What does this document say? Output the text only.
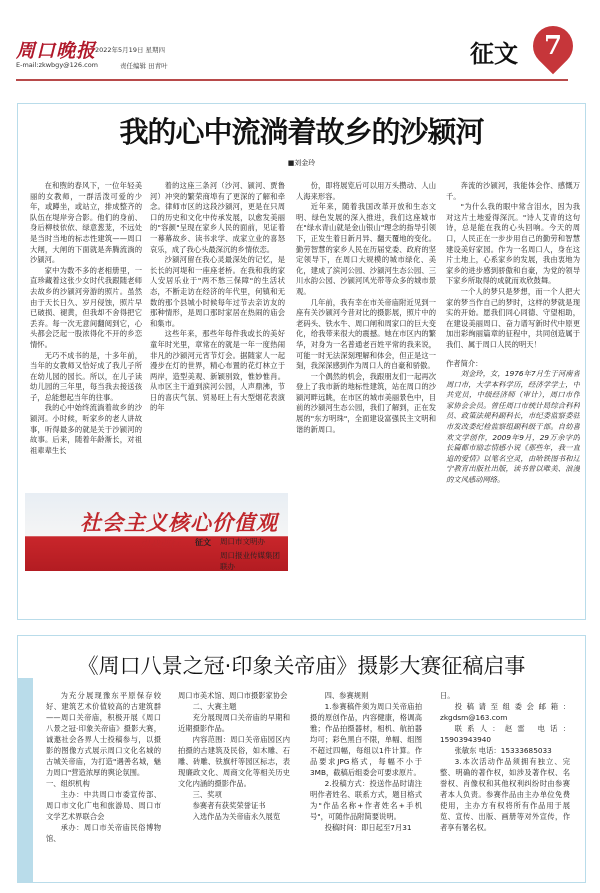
周口晚报
E-mail:zkwbgy@126.com
2022年5月19日 星期四
责任编辑 田青叶	征文 7
我的心中流淌着故乡的沙颍河
■刘金玲

在和煦的春风下，一位年轻美丽的女教师，一群活泼可爱的少年，或蹲坐，或站立，排成整齐的队伍在堤岸旁合影。他们的身前、身后柳枝依依、绿意葱茏，不远处是当时当地的标志性建筑——周口大闸，大闸的下面就是奔腾流淌的沙颍河。

家中为数不多的老相册里，一直珍藏着这张少女时代我跟随老师去故乡的沙颍河旁游的照片。虽然由于天长日久、岁月侵蚀，照片早已破损、褪黄，但我却不舍得把它丢弃。每一次无意间翻阅到它，心头都会泛起一股浓得化不开的乡恋情怀。

无巧不成书的是，十多年前，当年的女教师又恰好成了我儿子所在幼儿园的园长。所以，在儿子读幼儿园的三年里，每当我去接送孩子，总能想起当年的往事。

我的心中始终流淌着故乡的沙颍河。小时候，听家乡的老人讲故事，听得最多的就是关于沙颍河的故事。后来，随着年龄渐长，对祖祖辈辈生长

着的这座三条河（沙河、颍河、贾鲁河）冲突的繁荣商埠有了更深的了解和牵念。律师市区的这段沙颍河，更是在只周口的历史和文化中传承发展，以愈发美丽的"容颜"呈现在家乡人民的面前，见证着一幕幕故乡、读书求学、成家立业的喜怒哀乐，成了我心头最深沉的乡情依恋。

沙颍河留在我心灵最深处的记忆，是长长的河堤和一座座老桥。在我和我的家人安居乐业于"两不愁三保障"的生活状态，不断走访在经济的年代里，何镇和无数的那个县城小时候每年过节去亲访友的那种情形，是周口那时家居在热闹的庙会和集市。

这些年来，那些年每件我或长的美好童年时光里，章常在的就是一年一度热闹非凡的沙颍河元宵节灯会。据随家人一起漫步在灯的世界，精心布置的花灯林立于两岸，造型美观、新颖别致，惟妙惟肖。从市区主干道到滨河公园，人声鼎沸，节日的喜庆气氛、贸易旺上有大型烟花表演的年

份，即将展览后可以用万头攒动、人山人海来形容。

近年来，随着我国改革开放和生态文明、绿色发展的深入推进，我们这座城市在"绿水青山就是金山银山"理念的指导引领下，正发生着日新月异、翻天覆地的变化。勤劳智慧的家乡人民在历届党委、政府的坚定领导下，在周口大规模的城市绿化、美化，建成了滨河公园、沙颍河生态公园、三川水韵公园、沙颍河风光带等众多的城市景观。

几年前，我有幸在市关帝庙附近见到一座有关沙颍河今昔对比的摄影展，照片中的老码头、铁水牛、周口闸和周家口的巨大变化，给我带来很大的震撼。她在市区内的繁华，对身为一名普通老百姓平常的我来说，可能一时无法深刻理解和体会，但正是这一刻，我深深感到作为周口人的自豪和骄傲。

一个偶然的机会，我跟朋友们一起再次登上了我市新的地标性建筑，站在周口的沙颍河畔远眺，在市区的城市美丽景色中，目前的沙颍河生态公园，我们了解到，正在发展的"东方明珠"，全面建设富强民主文明和谐的新周口。

奔流的沙颍河，我能体会作、感慨万千。

"为什么我的眼中常含泪水，因为我对这片土地爱得深沉。"诗人艾青的这句诗，总是能在我的心头回响。今天的周口，人民正在一步步用自己的勤劳和智慧建设美好家园。作为一名周口人，身在这片土地上，心系家乡的发展，我由衷地为家乡的进步感到骄傲和自豪，为党的领导下家乡所取得的成就而欢欣鼓舞。

一个人的梦只是梦想，而一个人把大家的梦当作自己的梦时，这样的梦就是现实的开始。愿我们同心同德、守望相助，在建设美丽周口、奋力谱写新时代中原更加出彩绚丽篇章的征程中，共同创造属于我们、属于周口人民的明天！

作者简介：

刘金玲，女，1976年7月生于河南省周口市，大学本科学历，经济学学士，中共党员，中级经济师（审计），周口市作家协会会员。曾任周口市统计局综合科科员、政策法规科副科长，市纪委监察委驻市发改委纪检监察组副科级干部。自幼喜欢文学创作，2009年9月，29万余字的长篇都市励志情感小说《那些年，我一直追的爱情》以笔名空灵，由哈铁图书和辽宁教育出版社出版，读书曾以唯美、浪漫的文风感动网络。

社会主义核心价值观
引我前行 征文 周口市文明办
周口报业传媒集团 联办
《周口八景之冠·印象关帝庙》摄影大赛征稿启事

为充分展现豫东平原保存较好、建筑艺术价值较高的古建筑群——周口关帝庙，积极开展《周口八景之冠·印象关帝庙》摄影大赛，诚邀社会各界人士投稿参与，以摄影的图像方式展示周口文化名城的古城关帝庙，为打造"遇善名城，魅力周口"营造浓厚的舆论氛围。

一、组织机构

主办：中共周口市委宣传部、周口市文化广电和旅游局、周口市文学艺术界联合会

承办：周口市关帝庙民俗博物馆、

周口市美术馆、周口市摄影家协会

二、大赛主题

充分展现周口关帝庙的早期和近期摄影作品。

内容范围：周口关帝庙园区内拍摄的古建筑及民俗，如木雕、石雕、砖雕、铁旗杆等园区标志，表现廉政文化、周商文化等相关历史文化内涵的摄影作品。

三、奖项

参赛者有获奖荣誉证书

入选作品为关帝庙永久展览

四、参赛规则

1.参赛稿件须为周口关帝庙拍摄的原创作品，内容健康，格调高雅；作品拍摄器材，相机、航拍器均可；彩色黑白不限，单幅、组图不超过四幅，每组以1件计算。作品要求JPG格式，每幅不小于3MB，截稿后组委会可要求原片。

2.投稿方式：投送作品时请注明作者姓名、联系方式，题目格式为"作品名称+作者姓名+手机号"，可随作品附简要说明。

投稿时间：即日起至7月31

日。

投稿请至组委会邮箱：zkgdsm@163.com

联系人：赵雷 电话：15903943940

张敏东 电话：15333685033

3.本次活动作品须拥有独立、完整、明确的著作权，如涉及著作权、名誉权、肖像权和其他权利纠纷时由参赛者本人负责。参赛作品由主办单位免费使用，主办方有权将所有作品用于展览、宣传、出版、画册等对外宣传，作者享有署名权。
